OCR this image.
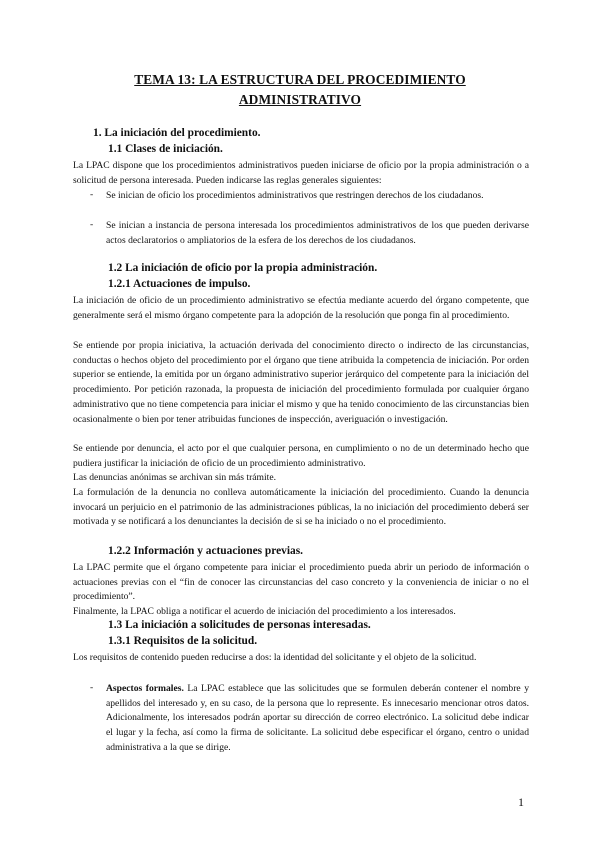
TEMA 13: LA ESTRUCTURA DEL PROCEDIMIENTO
ADMINISTRATIVO
1. La iniciación del procedimiento.
1.1 Clases de iniciación.

La LPAC dispone que los procedimientos administrativos pueden iniciarse de oficio por la propia administración o a solicitud de persona interesada. Pueden indicarse las reglas generales siguientes:

- Se inician de oficio los procedimientos administrativos que restringen derechos de los ciudadanos.

- Se inician a instancia de persona interesada los procedimientos administrativos de los que pueden derivarse actos declaratorios o ampliatorios de la esfera de los derechos de los ciudadanos.

1.2 La iniciación de oficio por la propia administración.
1.2.1 Actuaciones de impulso.

La iniciación de oficio de un procedimiento administrativo se efectúa mediante acuerdo del órgano competente, que generalmente será el mismo órgano competente para la adopción de la resolución que ponga fin al procedimiento.

Se entiende por propia iniciativa, la actuación derivada del conocimiento directo o indirecto de las circunstancias, conductas o hechos objeto del procedimiento por el órgano que tiene atribuida la competencia de iniciación. Por orden superior se entiende, la emitida por un órgano administrativo superior jerárquico del competente para la iniciación del procedimiento. Por petición razonada, la propuesta de iniciación del procedimiento formulada por cualquier órgano administrativo que no tiene competencia para iniciar el mismo y que ha tenido conocimiento de las circunstancias bien ocasionalmente o bien por tener atribuidas funciones de inspección, averiguación o investigación.

Se entiende por denuncia, el acto por el que cualquier persona, en cumplimiento o no de un determinado hecho que pudiera justificar la iniciación de oficio de un procedimiento administrativo.

Las denuncias anónimas se archivan sin más trámite.

La formulación de la denuncia no conlleva automáticamente la iniciación del procedimiento. Cuando la denuncia invocará un perjuicio en el patrimonio de las administraciones públicas, la no iniciación del procedimiento deberá ser motivada y se notificará a los denunciantes la decisión de si se ha iniciado o no el procedimiento.

1.2.2 Información y actuaciones previas.

La LPAC permite que el órgano competente para iniciar el procedimiento pueda abrir un periodo de información o actuaciones previas con el “fin de conocer las circunstancias del caso concreto y la conveniencia de iniciar o no el procedimiento”.

Finalmente, la LPAC obliga a notificar el acuerdo de iniciación del procedimiento a los interesados.

1.3 La iniciación a solicitudes de personas interesadas.
1.3.1 Requisitos de la solicitud.

Los requisitos de contenido pueden reducirse a dos: la identidad del solicitante y el objeto de la solicitud.

- Aspectos formales. La LPAC establece que las solicitudes que se formulen deberán contener el nombre y apellidos del interesado y, en su caso, de la persona que lo represente. Es innecesario mencionar otros datos. Adicionalmente, los interesados podrán aportar su dirección de correo electrónico. La solicitud debe indicar el lugar y la fecha, así como la firma de solicitante. La solicitud debe especificar el órgano, centro o unidad administrativa a la que se dirige.

1
